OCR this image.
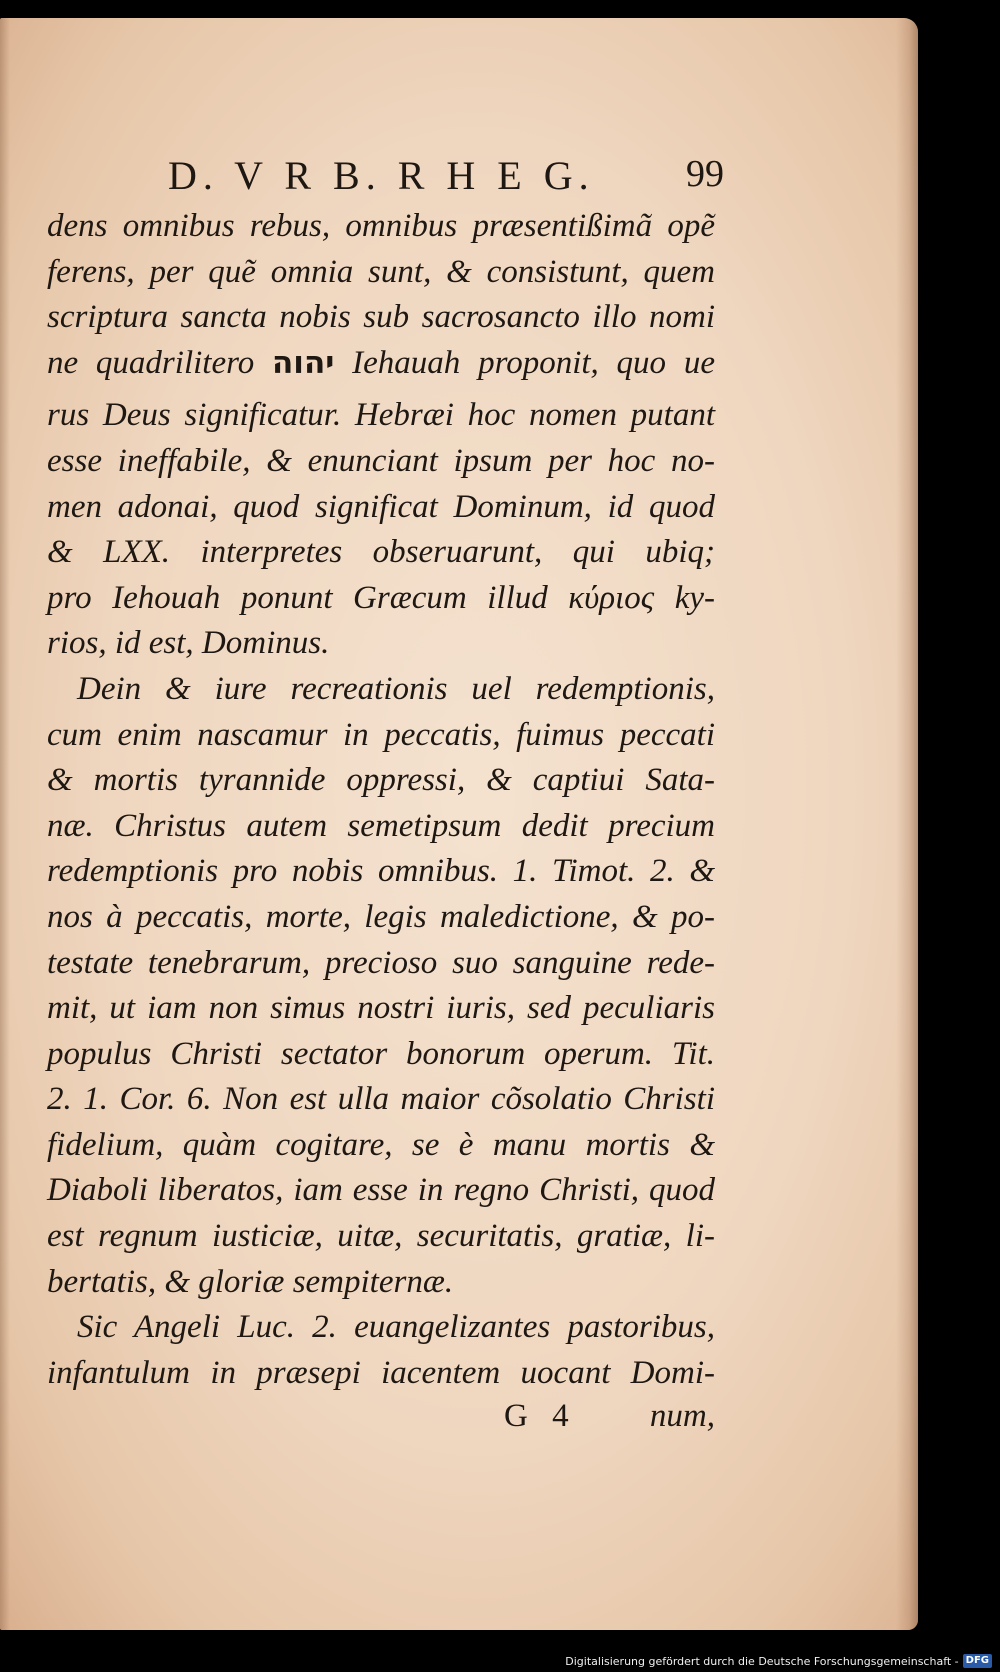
D. V R B. R H E G. 99
dens omnibus rebus, omnibus præsentißimã opẽ
ferens, per quẽ omnia sunt, & consistunt, quem
scriptura sancta nobis sub sacrosancto illo nomi
ne quadrilitero יהוה Iehauah proponit, quo ue
rus Deus significatur. Hebræi hoc nomen putant
esse ineffabile, & enunciant ipsum per hoc no-
men adonai, quod significat Dominum, id quod
& LXX. interpretes obseruarunt, qui ubiq;
pro Iehouah ponunt Græcum illud κύριος ky-
rios, id est, Dominus.
Dein & iure recreationis uel redemptionis,
cum enim nascamur in peccatis, fuimus peccati
& mortis tyrannide oppressi, & captiui Sata-
næ. Christus autem semetipsum dedit precium
redemptionis pro nobis omnibus. 1. Timot. 2. &
nos à peccatis, morte, legis maledictione, & po-
testate tenebrarum, precioso suo sanguine rede-
mit, ut iam non simus nostri iuris, sed peculiaris
populus Christi sectator bonorum operum. Tit.
2. 1. Cor. 6. Non est ulla maior cõsolatio Christi
fidelium, quàm cogitare, se è manu mortis &
Diaboli liberatos, iam esse in regno Christi, quod
est regnum iusticiæ, uitæ, securitatis, gratiæ, li-
bertatis, & gloriæ sempiternæ.
Sic Angeli Luc. 2. euangelizantes pastoribus,
infantulum in præsepi iacentem uocant Domi-
G 4 num,
Digitalisierung gefördert durch die Deutsche Forschungsgemeinschaft - DFG
